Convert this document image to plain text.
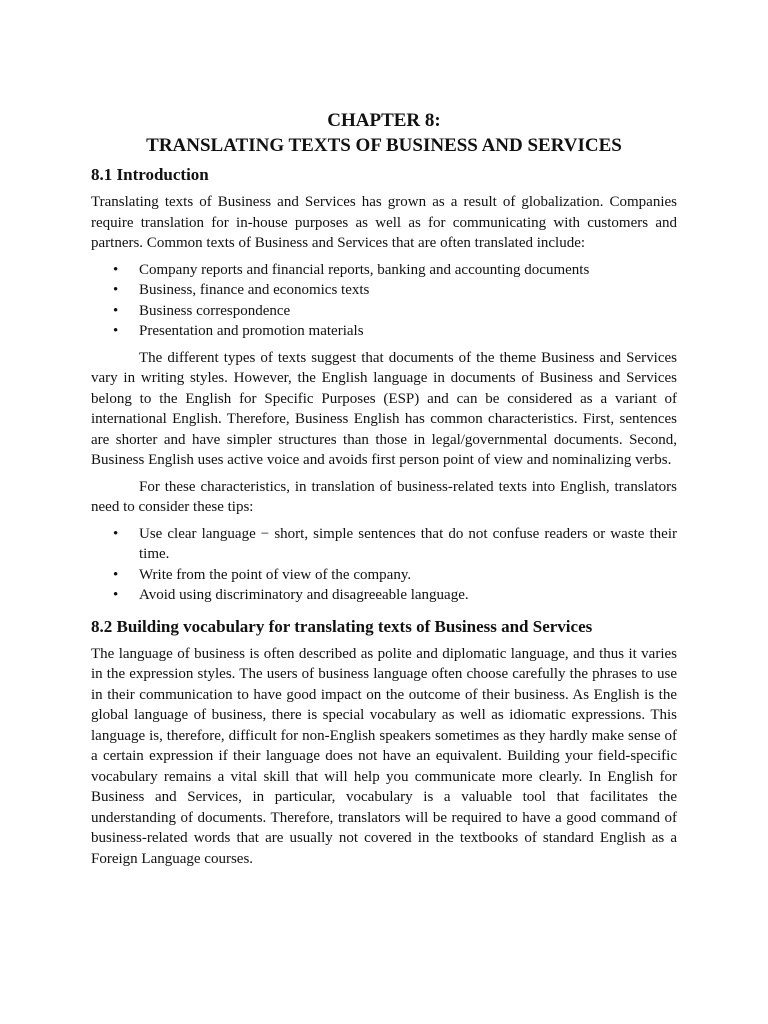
CHAPTER 8:
TRANSLATING TEXTS OF BUSINESS AND SERVICES
8.1 Introduction

Translating texts of Business and Services has grown as a result of globalization. Companies require translation for in-house purposes as well as for communicating with customers and partners. Common texts of Business and Services that are often translated include:

• Company reports and financial reports, banking and accounting documents
• Business, finance and economics texts
• Business correspondence
• Presentation and promotion materials

The different types of texts suggest that documents of the theme Business and Services vary in writing styles. However, the English language in documents of Business and Services belong to the English for Specific Purposes (ESP) and can be considered as a variant of international English. Therefore, Business English has common characteristics. First, sentences are shorter and have simpler structures than those in legal/governmental documents. Second, Business English uses active voice and avoids first person point of view and nominalizing verbs.

For these characteristics, in translation of business-related texts into English, translators need to consider these tips:

• Use clear language − short, simple sentences that do not confuse readers or waste their time.
• Write from the point of view of the company.
• Avoid using discriminatory and disagreeable language.
8.2 Building vocabulary for translating texts of Business and Services

The language of business is often described as polite and diplomatic language, and thus it varies in the expression styles. The users of business language often choose carefully the phrases to use in their communication to have good impact on the outcome of their business. As English is the global language of business, there is special vocabulary as well as idiomatic expressions. This language is, therefore, difficult for non-English speakers sometimes as they hardly make sense of a certain expression if their language does not have an equivalent. Building your field-specific vocabulary remains a vital skill that will help you communicate more clearly. In English for Business and Services, in particular, vocabulary is a valuable tool that facilitates the understanding of documents. Therefore, translators will be required to have a good command of business-related words that are usually not covered in the textbooks of standard English as a Foreign Language courses.
